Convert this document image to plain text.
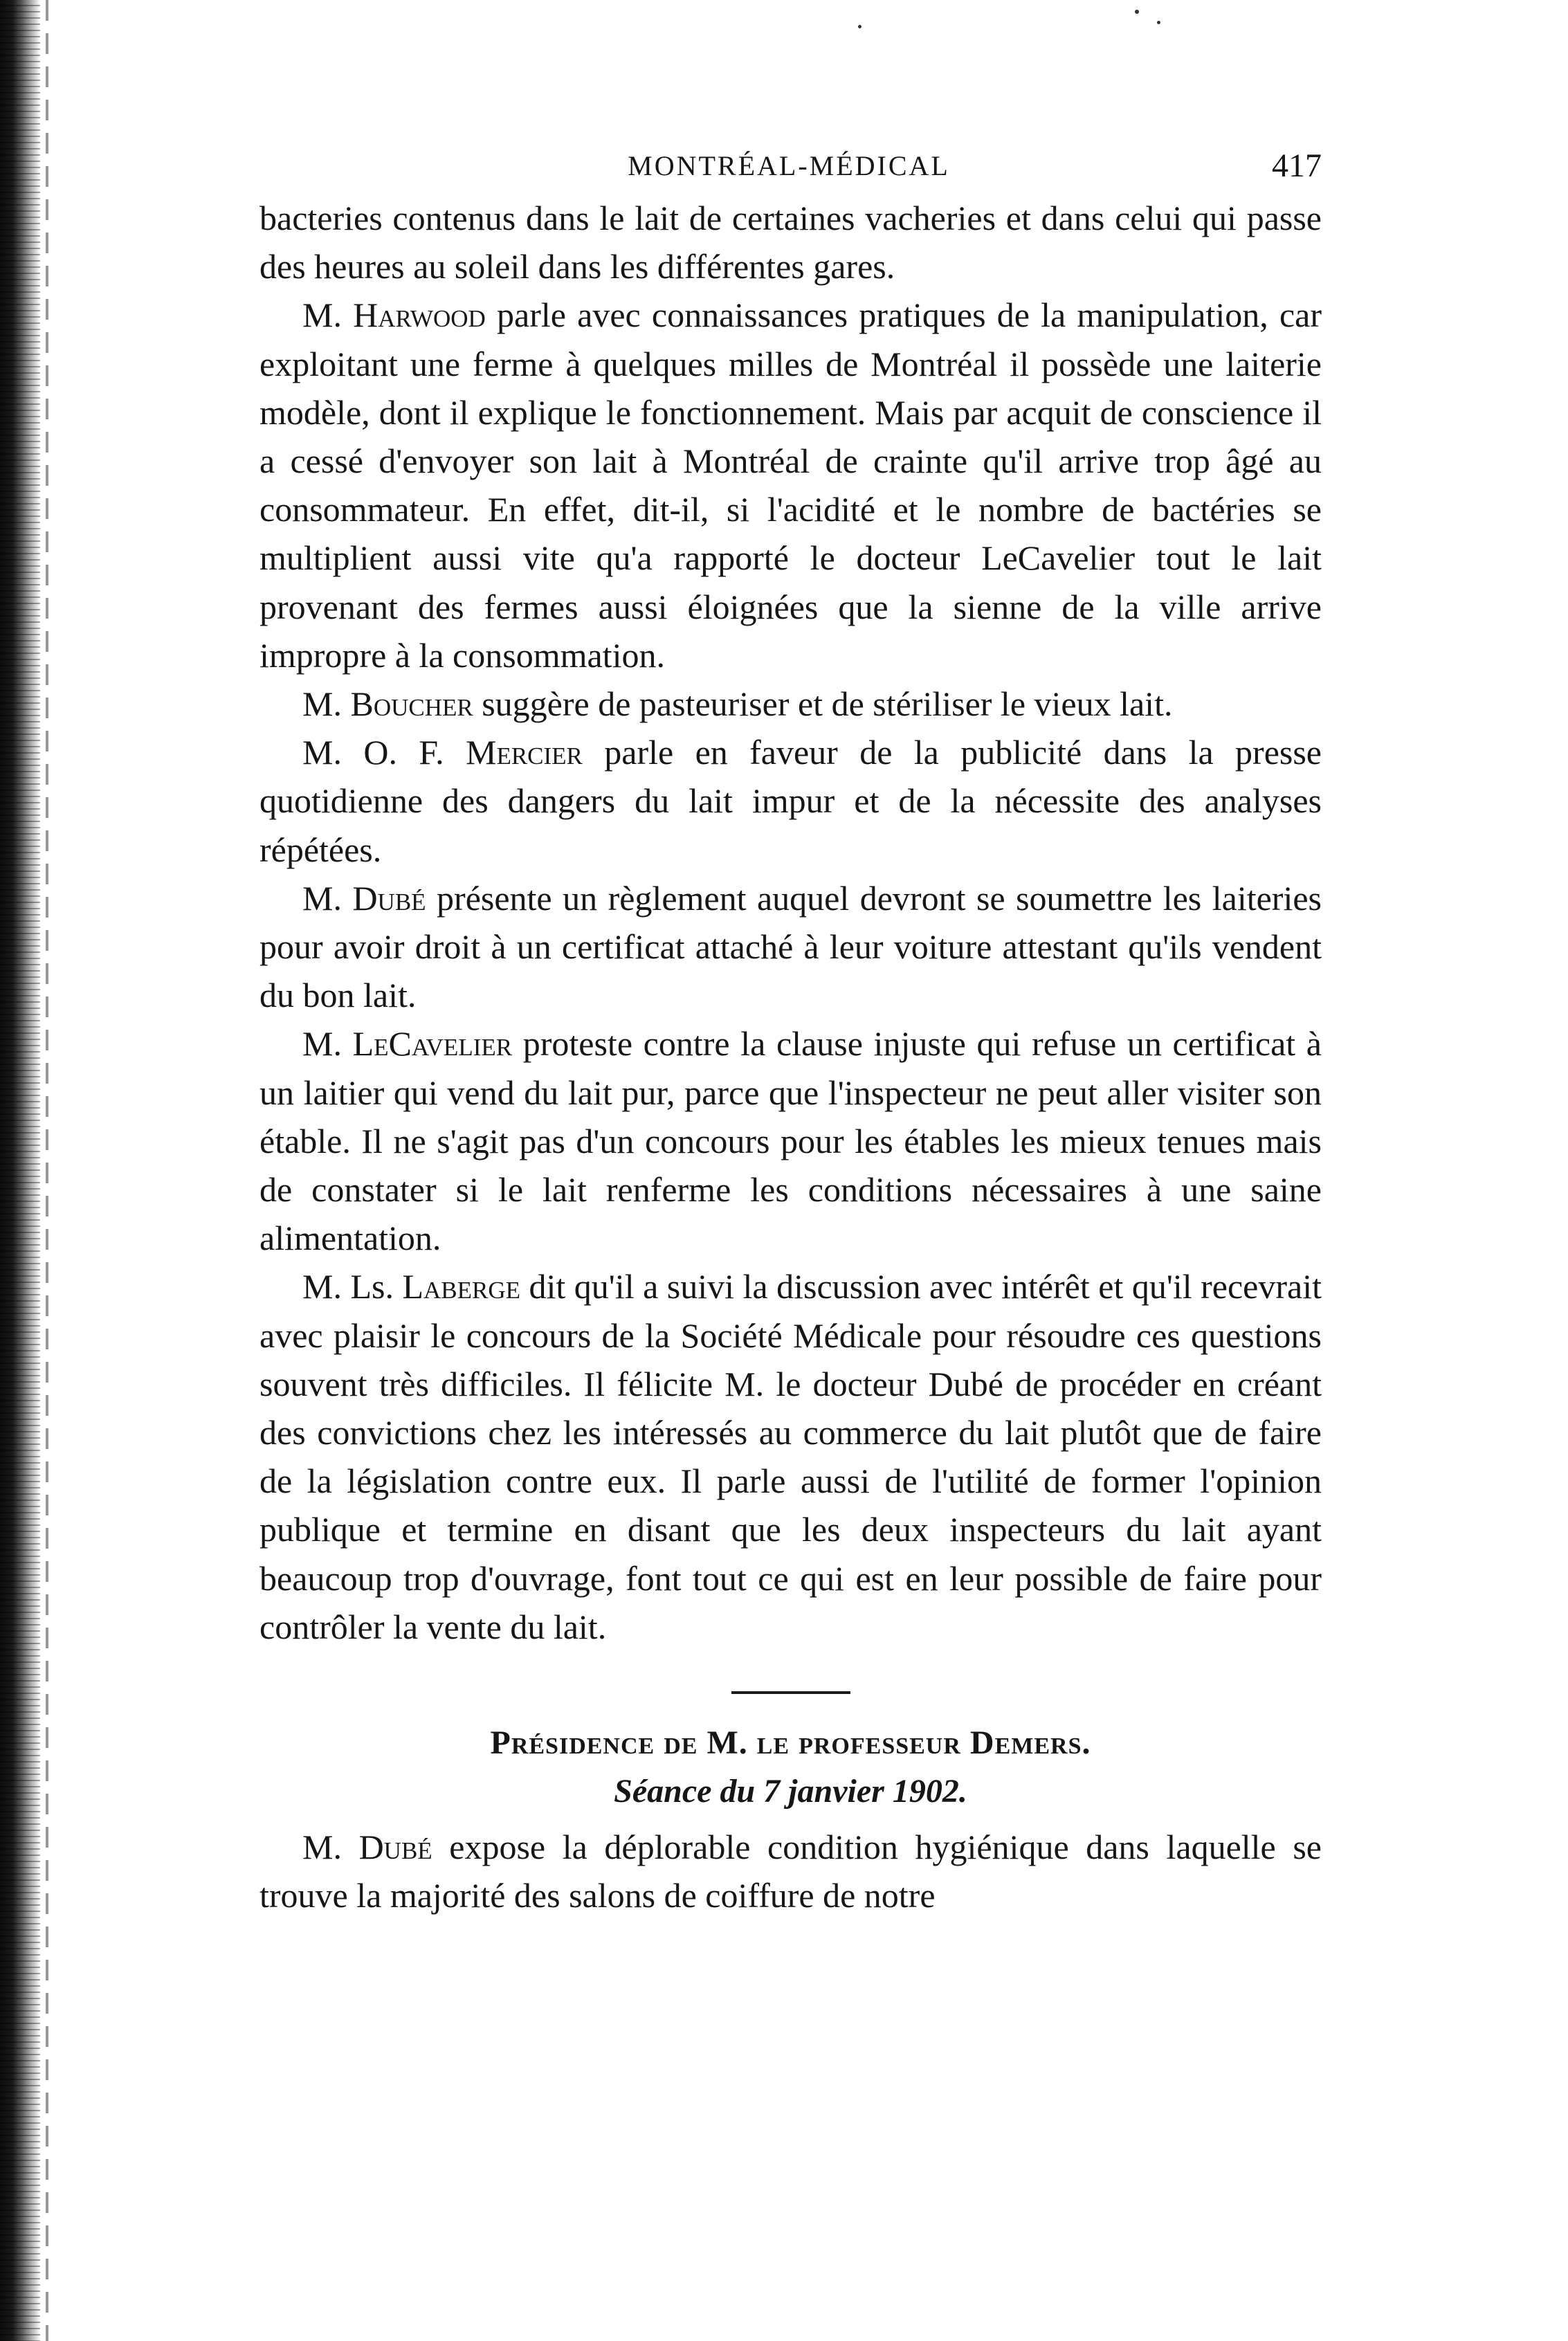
MONTRÉAL-MÉDICAL	417

bacteries contenus dans le lait de certaines vacheries et dans celui qui passe des heures au soleil dans les différentes gares.

M. Harwood parle avec connaissances pratiques de la manipulation, car exploitant une ferme à quelques milles de Montréal il possède une laiterie modèle, dont il explique le fonctionnement. Mais par acquit de conscience il a cessé d'envoyer son lait à Montréal de crainte qu'il arrive trop âgé au consommateur. En effet, dit-il, si l'acidité et le nombre de bactéries se multiplient aussi vite qu'a rapporté le docteur LeCavelier tout le lait provenant des fermes aussi éloignées que la sienne de la ville arrive impropre à la consommation.

M. Boucher suggère de pasteuriser et de stériliser le vieux lait.

M. O. F. Mercier parle en faveur de la publicité dans la presse quotidienne des dangers du lait impur et de la nécessite des analyses répétées.

M. Dubé présente un règlement auquel devront se soumettre les laiteries pour avoir droit à un certificat attaché à leur voiture attestant qu'ils vendent du bon lait.

M. LeCavelier proteste contre la clause injuste qui refuse un certificat à un laitier qui vend du lait pur, parce que l'inspecteur ne peut aller visiter son étable. Il ne s'agit pas d'un concours pour les étables les mieux tenues mais de constater si le lait renferme les conditions nécessaires à une saine alimentation.

M. Ls. Laberge dit qu'il a suivi la discussion avec intérêt et qu'il recevrait avec plaisir le concours de la Société Médicale pour résoudre ces questions souvent très difficiles. Il félicite M. le docteur Dubé de procéder en créant des convictions chez les intéressés au commerce du lait plutôt que de faire de la législation contre eux. Il parle aussi de l'utilité de former l'opinion publique et termine en disant que les deux inspecteurs du lait ayant beaucoup trop d'ouvrage, font tout ce qui est en leur possible de faire pour contrôler la vente du lait.

Présidence de M. le professeur Demers.
Séance du 7 janvier 1902.

M. Dubé expose la déplorable condition hygiénique dans laquelle se trouve la majorité des salons de coiffure de notre
